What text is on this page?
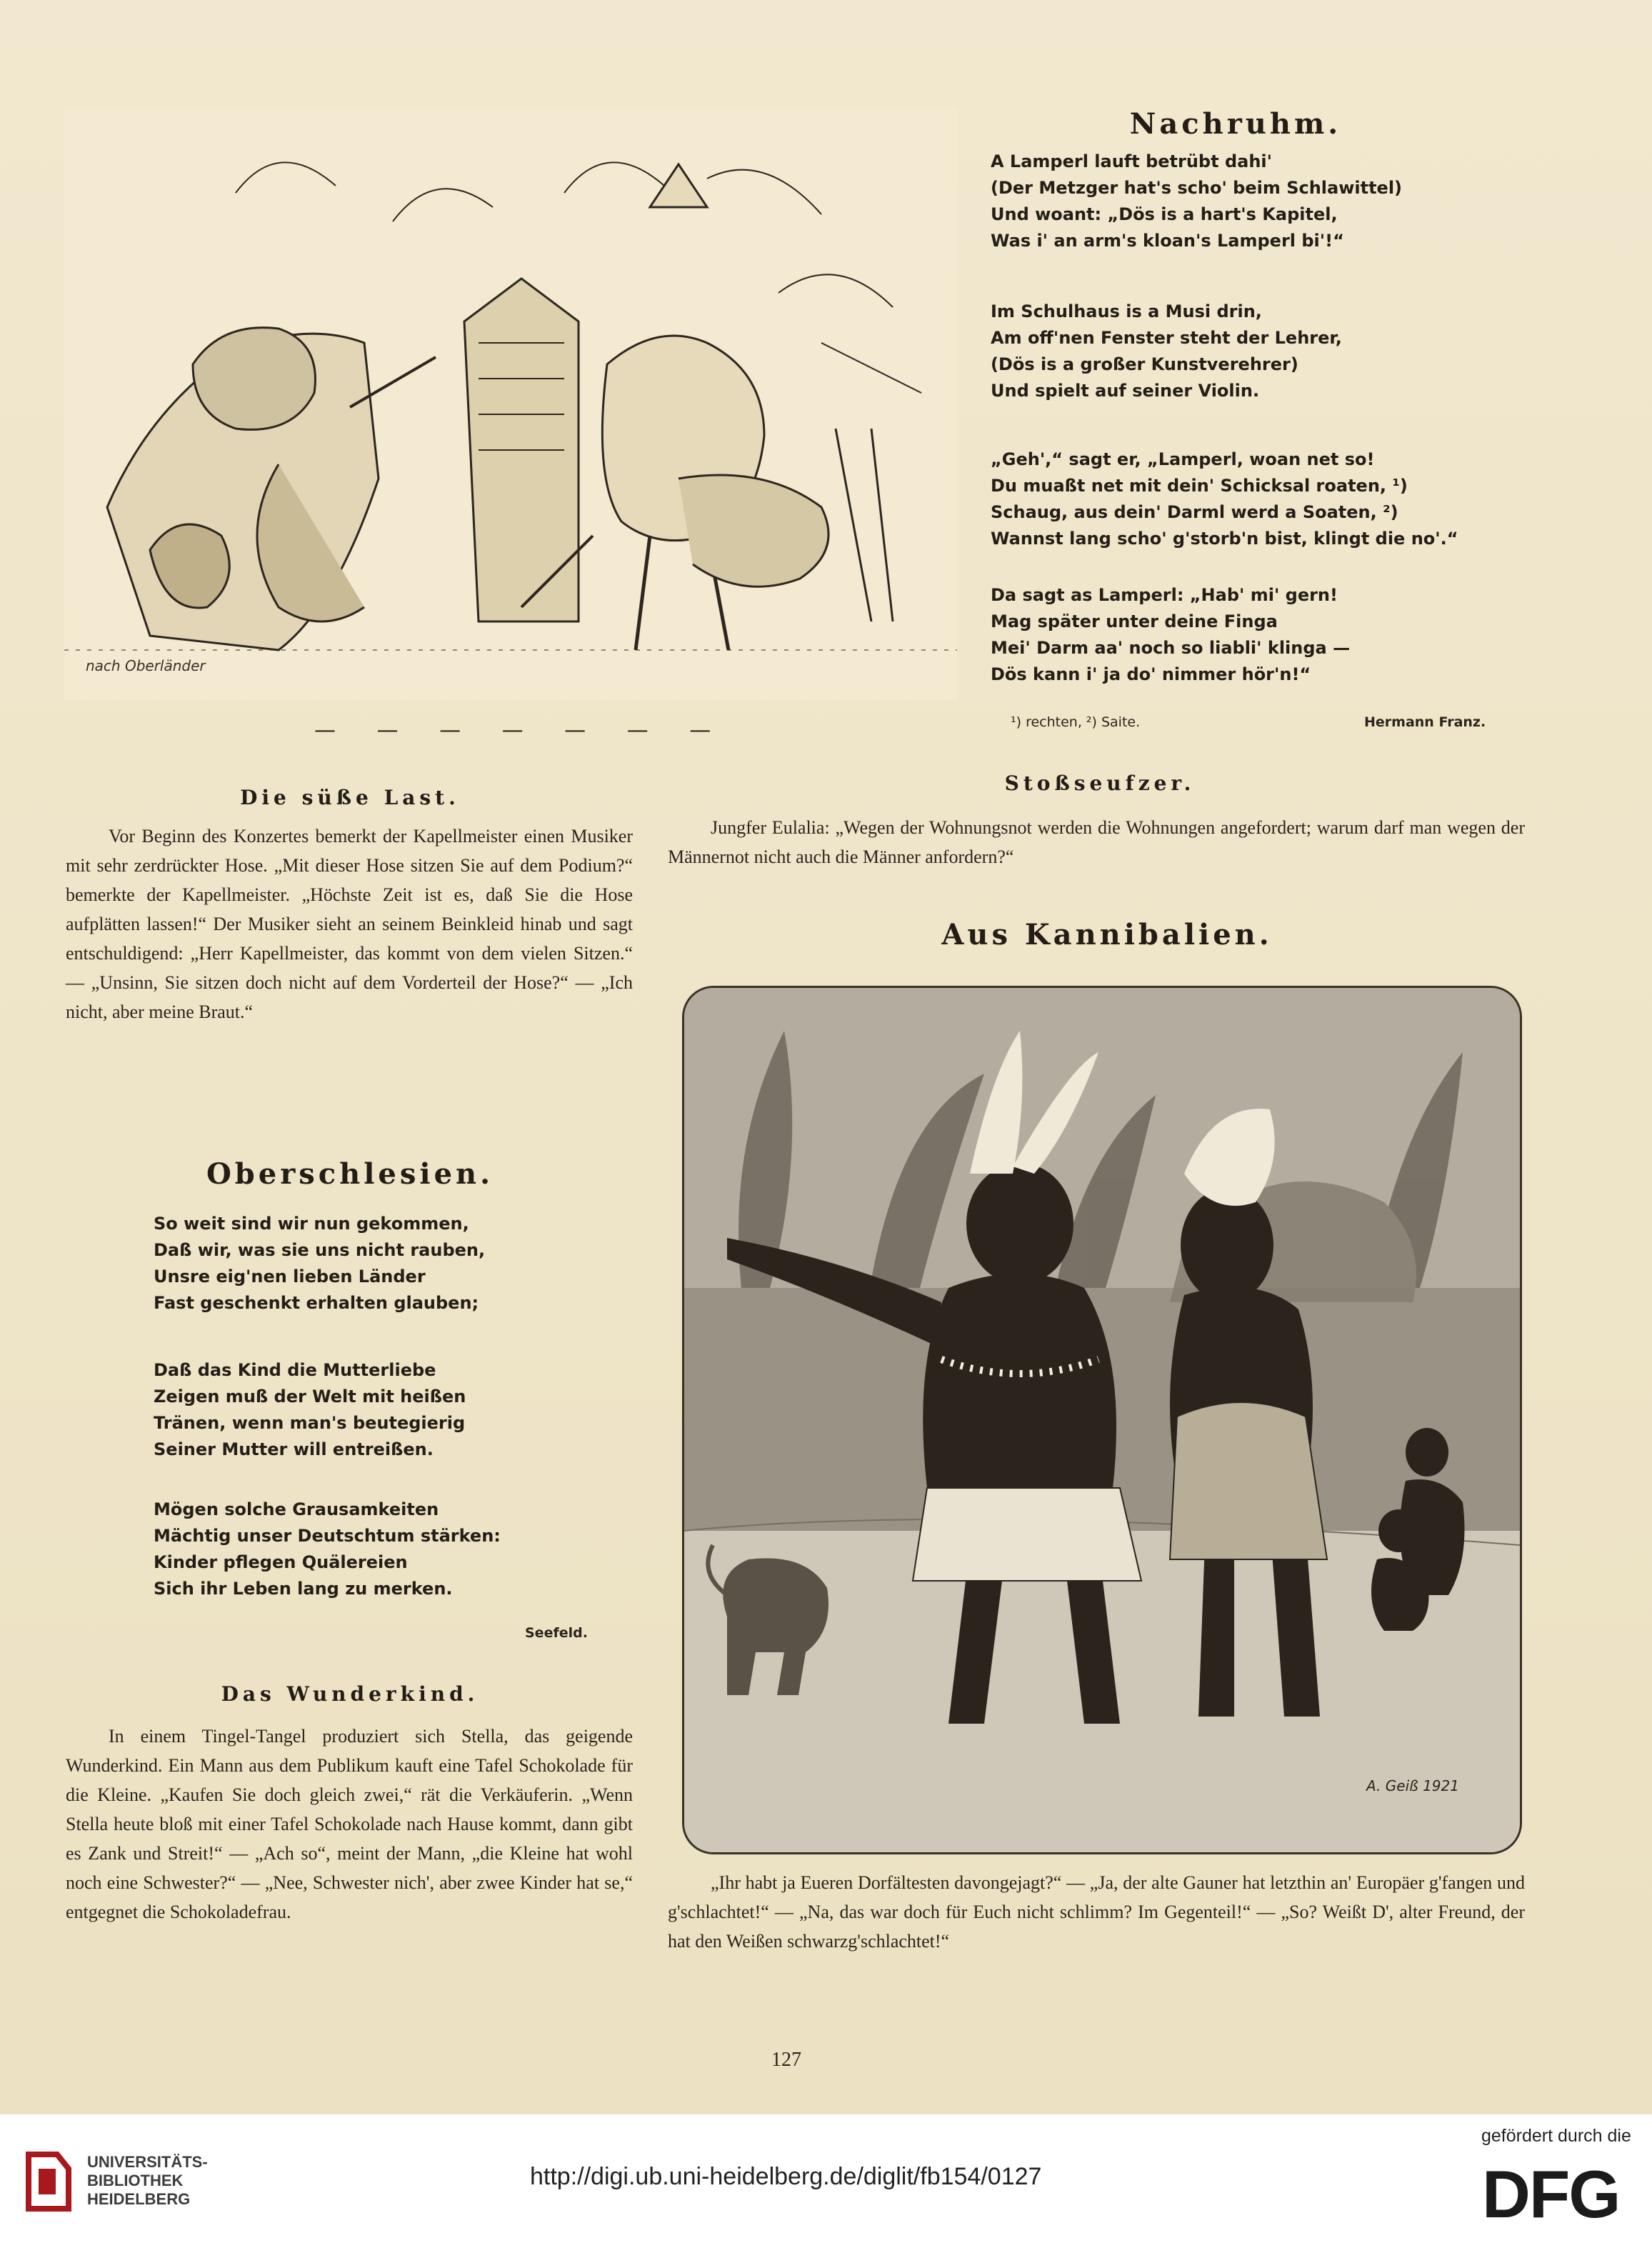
nach Oberländer
— — — — — — —
Nachruhm.
A Lamperl lauft betrübt dahi'
(Der Metzger hat's scho' beim Schlawittel)
Und woant: „Dös is a hart's Kapitel,
Was i' an arm's kloan's Lamperl bi'!“
Im Schulhaus is a Musi drin,
Am off'nen Fenster steht der Lehrer,
(Dös is a großer Kunstverehrer)
Und spielt auf seiner Violin.
„Geh',“ sagt er, „Lamperl, woan net so!
Du muaßt net mit dein' Schicksal roaten, ¹)
Schaug, aus dein' Darml werd a Soaten, ²)
Wannst lang scho' g'storb'n bist, klingt die no'.“
Da sagt as Lamperl: „Hab' mi' gern!
Mag später unter deine Finga
Mei' Darm aa' noch so liabli' klinga —
Dös kann i' ja do' nimmer hör'n!“
¹) rechten, ²) Saite.	Hermann Franz.
Die süße Last.

Vor Beginn des Konzertes bemerkt der Kapellmeister einen Musiker mit sehr zerdrückter Hose. „Mit dieser Hose sitzen Sie auf dem Podium?“ bemerkte der Kapellmeister. „Höchste Zeit ist es, daß Sie die Hose aufplätten lassen!“ Der Musiker sieht an seinem Beinkleid hinab und sagt entschuldigend: „Herr Kapellmeister, das kommt von dem vielen Sitzen.“ — „Unsinn, Sie sitzen doch nicht auf dem Vorderteil der Hose?“ — „Ich nicht, aber meine Braut.“

Oberschlesien.
So weit sind wir nun gekommen,
Daß wir, was sie uns nicht rauben,
Unsre eig'nen lieben Länder
Fast geschenkt erhalten glauben;
Daß das Kind die Mutterliebe
Zeigen muß der Welt mit heißen
Tränen, wenn man's beutegierig
Seiner Mutter will entreißen.
Mögen solche Grausamkeiten
Mächtig unser Deutschtum stärken:
Kinder pflegen Quälereien
Sich ihr Leben lang zu merken.
Seefeld.
Das Wunderkind.

In einem Tingel-Tangel produziert sich Stella, das geigende Wunderkind. Ein Mann aus dem Publikum kauft eine Tafel Schokolade für die Kleine. „Kaufen Sie doch gleich zwei,“ rät die Verkäuferin. „Wenn Stella heute bloß mit einer Tafel Schokolade nach Hause kommt, dann gibt es Zank und Streit!“ — „Ach so“, meint der Mann, „die Kleine hat wohl noch eine Schwester?“ — „Nee, Schwester nich', aber zwee Kinder hat se,“ entgegnet die Schokoladefrau.

Stoßseufzer.

Jungfer Eulalia: „Wegen der Wohnungsnot werden die Wohnungen angefordert; warum darf man wegen der Männernot nicht auch die Männer anfordern?“

Aus Kannibalien.
A. Geiß 1921

„Ihr habt ja Eueren Dorfältesten davongejagt?“ — „Ja, der alte Gauner hat letzthin an' Europäer g'fangen und g'schlachtet!“ — „Na, das war doch für Euch nicht schlimm? Im Gegenteil!“ — „So? Weißt D', alter Freund, der hat den Weißen schwarzg'schlachtet!“

127
UNIVERSITÄTS-
BIBLIOTHEK
HEIDELBERG
http://digi.ub.uni-heidelberg.de/diglit/fb154/0127
gefördert durch die
DFG
